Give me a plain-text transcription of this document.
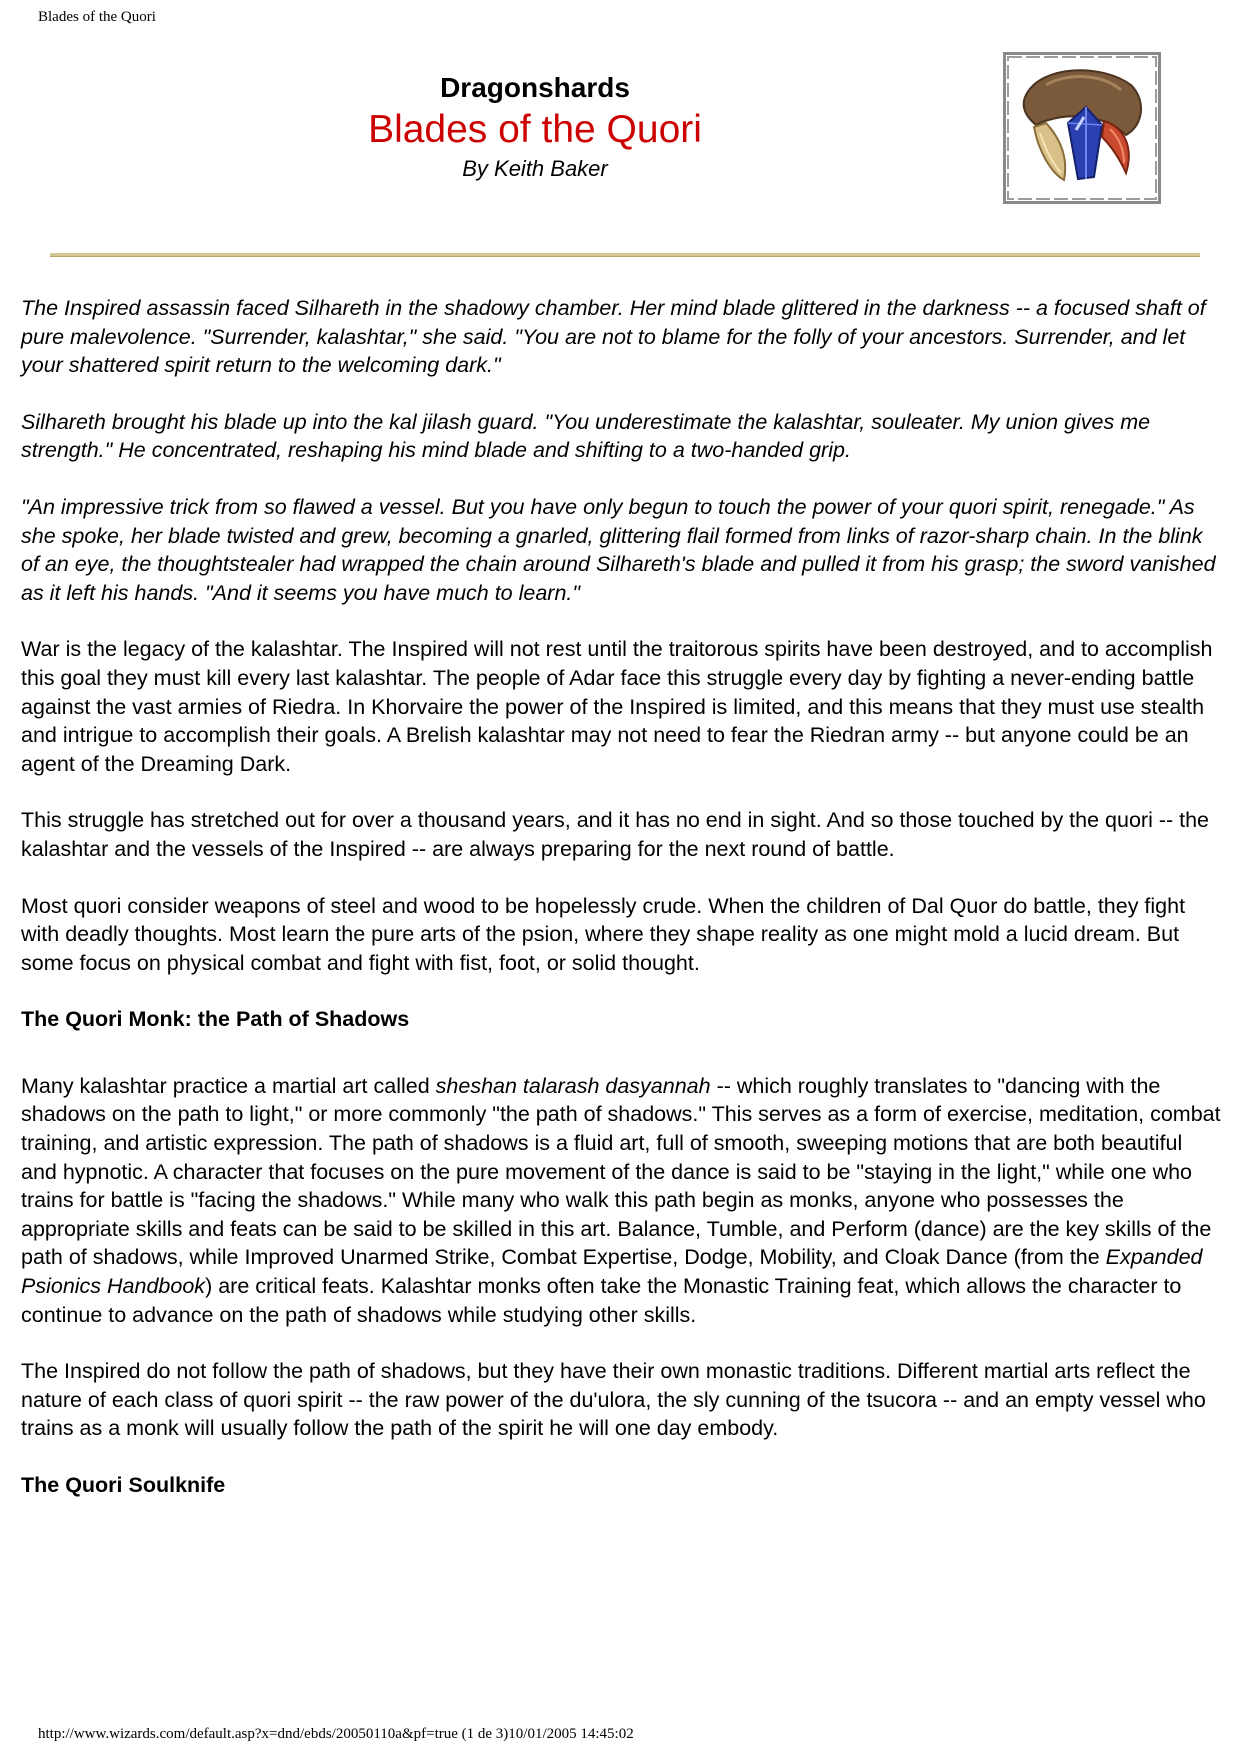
Blades of the Quori
Dragonshards
Blades of the Quori
By Keith Baker

The Inspired assassin faced Silhareth in the shadowy chamber. Her mind blade glittered in the darkness -- a focused shaft of pure malevolence. "Surrender, kalashtar," she said. "You are not to blame for the folly of your ancestors. Surrender, and let your shattered spirit return to the welcoming dark."

Silhareth brought his blade up into the kal jilash guard. "You underestimate the kalashtar, souleater. My union gives me strength." He concentrated, reshaping his mind blade and shifting to a two-handed grip.

"An impressive trick from so flawed a vessel. But you have only begun to touch the power of your quori spirit, renegade." As she spoke, her blade twisted and grew, becoming a gnarled, glittering flail formed from links of razor-sharp chain. In the blink of an eye, the thoughtstealer had wrapped the chain around Silhareth's blade and pulled it from his grasp; the sword vanished as it left his hands. "And it seems you have much to learn."

War is the legacy of the kalashtar. The Inspired will not rest until the traitorous spirits have been destroyed, and to accomplish this goal they must kill every last kalashtar. The people of Adar face this struggle every day by fighting a never-ending battle against the vast armies of Riedra. In Khorvaire the power of the Inspired is limited, and this means that they must use stealth and intrigue to accomplish their goals. A Brelish kalashtar may not need to fear the Riedran army -- but anyone could be an agent of the Dreaming Dark.

This struggle has stretched out for over a thousand years, and it has no end in sight. And so those touched by the quori -- the kalashtar and the vessels of the Inspired -- are always preparing for the next round of battle.

Most quori consider weapons of steel and wood to be hopelessly crude. When the children of Dal Quor do battle, they fight with deadly thoughts. Most learn the pure arts of the psion, where they shape reality as one might mold a lucid dream. But some focus on physical combat and fight with fist, foot, or solid thought.

The Quori Monk: the Path of Shadows

Many kalashtar practice a martial art called sheshan talarash dasyannah -- which roughly translates to "dancing with the shadows on the path to light," or more commonly "the path of shadows." This serves as a form of exercise, meditation, combat training, and artistic expression. The path of shadows is a fluid art, full of smooth, sweeping motions that are both beautiful and hypnotic. A character that focuses on the pure movement of the dance is said to be "staying in the light," while one who trains for battle is "facing the shadows." While many who walk this path begin as monks, anyone who possesses the appropriate skills and feats can be said to be skilled in this art. Balance, Tumble, and Perform (dance) are the key skills of the path of shadows, while Improved Unarmed Strike, Combat Expertise, Dodge, Mobility, and Cloak Dance (from the Expanded Psionics Handbook) are critical feats. Kalashtar monks often take the Monastic Training feat, which allows the character to continue to advance on the path of shadows while studying other skills.

The Inspired do not follow the path of shadows, but they have their own monastic traditions. Different martial arts reflect the nature of each class of quori spirit -- the raw power of the du'ulora, the sly cunning of the tsucora -- and an empty vessel who trains as a monk will usually follow the path of the spirit he will one day embody.

The Quori Soulknife
http://www.wizards.com/default.asp?x=dnd/ebds/20050110a&pf=true (1 de 3)10/01/2005 14:45:02
